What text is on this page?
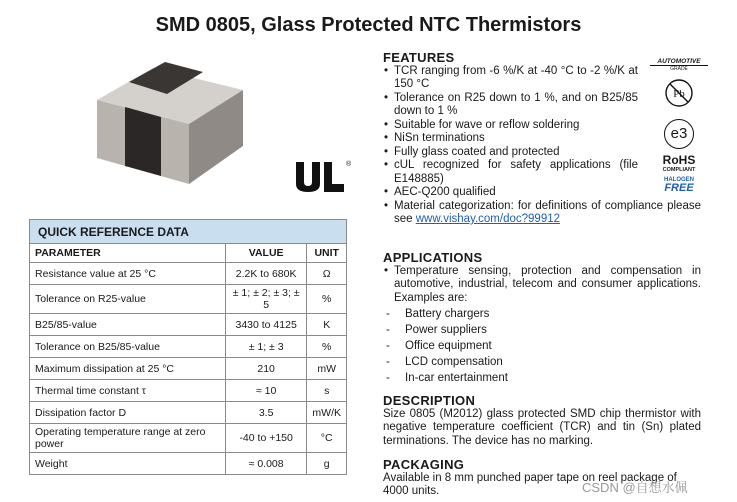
SMD 0805, Glass Protected NTC Thermistors
®
QUICK REFERENCE DATA		
PARAMETER	VALUE	UNIT
Resistance value at 25 °C	2.2K to 680K	Ω
Tolerance on R25-value	± 1; ± 2; ± 3; ± 5	%
B25/85-value	3430 to 4125	K
Tolerance on B25/85-value	± 1; ± 3	%
Maximum dissipation at 25 °C	210	mW
Thermal time constant τ	≈ 10	s
Dissipation factor D	3.5	mW/K
Operating temperature range at zero power	-40 to +150	°C
Weight	≈ 0.008	g
FEATURES
• TCR ranging from -6 %/K at -40 °C to -2 %/K at 150 °C
• Tolerance on R25 down to 1 %, and on B25/85 down to 1 %
• Suitable for wave or reflow soldering
• NiSn terminations
• Fully glass coated and protected
• cUL recognized for safety applications (file E148885)
• AEC-Q200 qualified
• Material categorization: for definitions of compliance please see www.vishay.com/doc?99912
APPLICATIONS
• Temperature sensing, protection and compensation in automotive, industrial, telecom and consumer applications. Examples are:
- Battery chargers
- Power suppliers
- Office equipment
- LCD compensation
- In-car entertainment
DESCRIPTION
Size 0805 (M2012) glass protected SMD chip thermistor with negative temperature coefficient (TCR) and tin (Sn) plated terminations. The device has no marking.
PACKAGING
Available in 8 mm punched paper tape on reel package of 4000 units.
AUTOMOTIVE
GRADE
Pb
e3
RoHS
COMPLIANT
HALOGEN
FREE
CSDN @自想水佩
